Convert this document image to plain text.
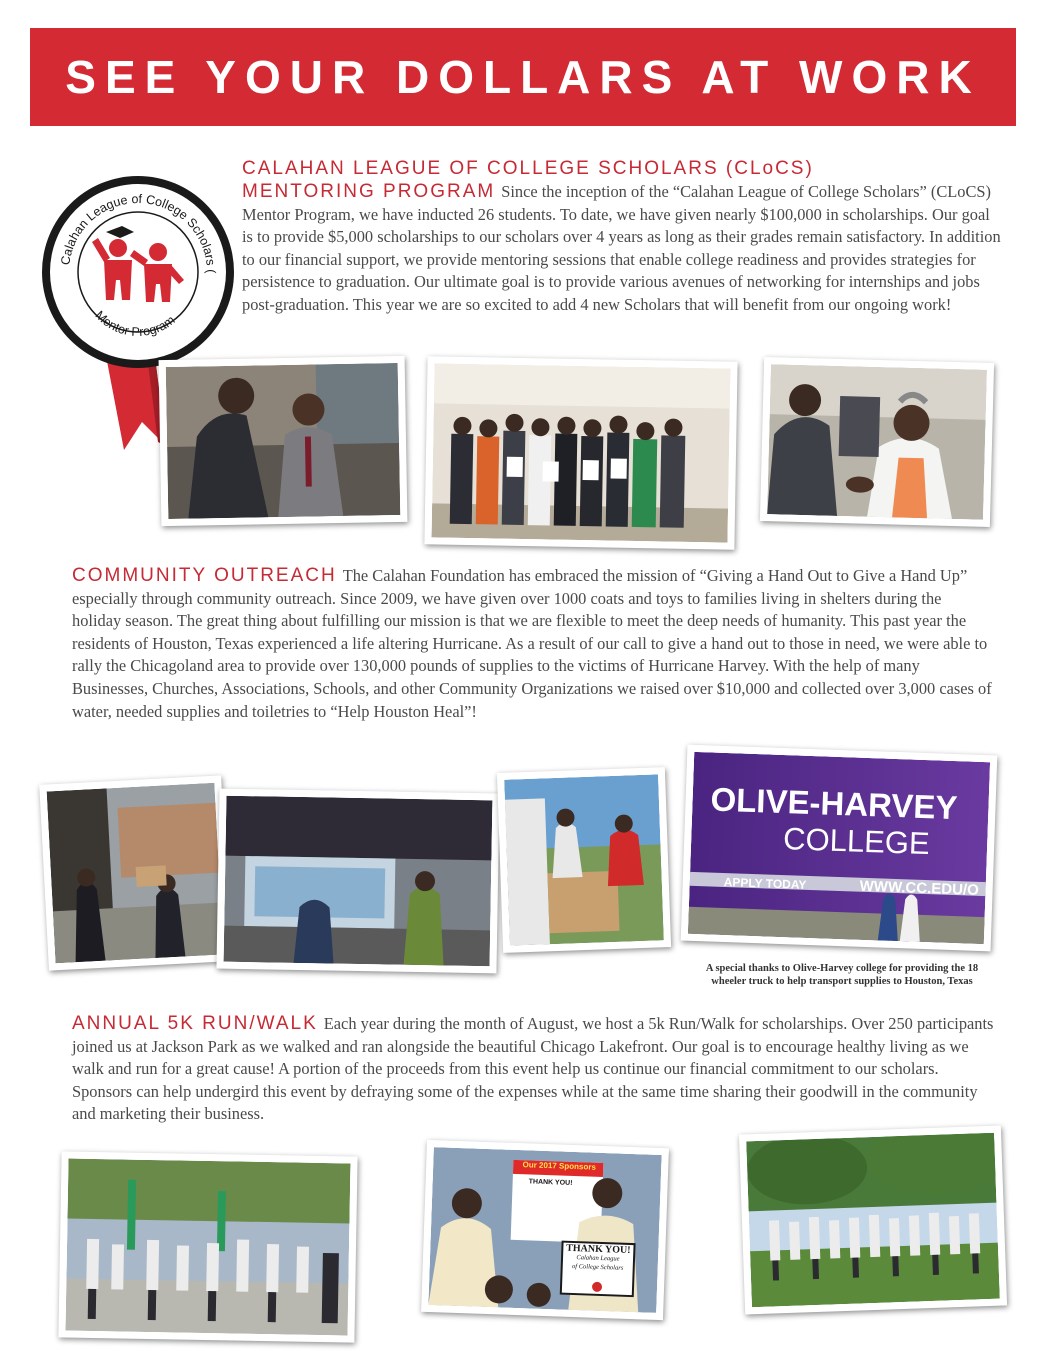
SEE YOUR DOLLARS AT WORK
Calahan League of College Scholars (
Mentor Program
CALAHAN LEAGUE OF COLLEGE SCHOLARS (CLoCS)

MENTORING PROGRAM Since the inception of the “Calahan League of College Scholars” (CLoCS) Mentor Program, we have inducted 26 students. To date, we have given nearly $100,000 in scholarships. Our goal is to provide $5,000 scholarships to our scholars over 4 years as long as their grades remain satisfactory. In addition to our financial support, we provide mentoring sessions that enable college readiness and provides strategies for persistence to graduation. Our ultimate goal is to provide various avenues of networking for internships and jobs post-graduation. This year we are so excited to add 4 new Scholars that will benefit from our ongoing work!

COMMUNITY OUTREACH The Calahan Foundation has embraced the mission of “Giving a Hand Out to Give a Hand Up” especially through community outreach. Since 2009, we have given over 1000 coats and toys to families living in shelters during the holiday season. The great thing about fulfilling our mission is that we are flexible to meet the deep needs of humanity. This past year the residents of Houston, Texas experienced a life altering Hurricane. As a result of our call to give a hand out to those in need, we were able to rally the Chicagoland area to provide over 130,000 pounds of supplies to the victims of Hurricane Harvey. With the help of many Businesses, Churches, Associations, Schools, and other Community Organizations we raised over $10,000 and collected over 3,000 cases of water, needed supplies and toiletries to “Help Houston Heal”!

OLIVE-HARVEY
COLLEGE
APPLY TODAY	WWW.CC.EDU/O
A special thanks to Olive-Harvey college for providing the 18
wheeler truck to help transport supplies to Houston, Texas

ANNUAL 5K RUN/WALK Each year during the month of August, we host a 5k Run/Walk for scholarships. Over 250 participants joined us at Jackson Park as we walked and ran alongside the beautiful Chicago Lakefront. Our goal is to encourage healthy living as we walk and run for a great cause! A portion of the proceeds from this event help us continue our financial commitment to our scholars. Sponsors can help undergird this event by defraying some of the expenses while at the same time sharing their goodwill in the community and marketing their business.

Our 2017 Sponsors
THANK YOU!
THANK YOU!
Calahan League
of College Scholars
